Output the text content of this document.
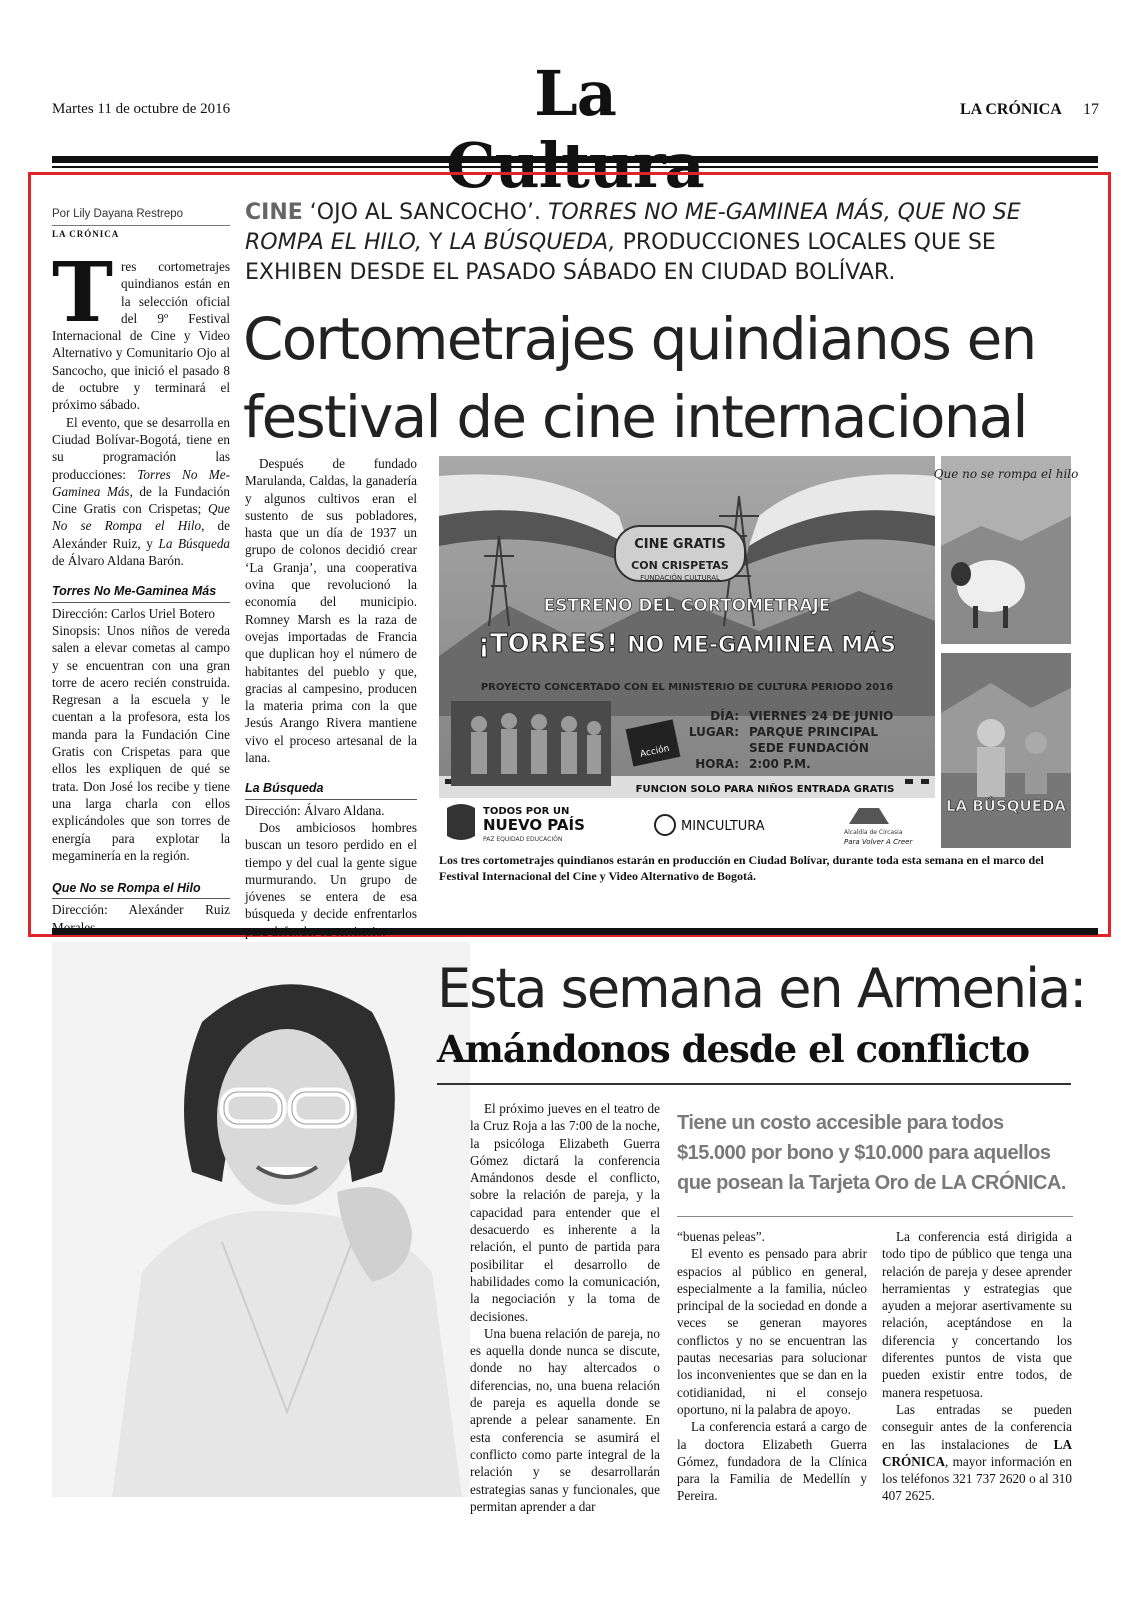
Martes 11 de octubre de 2016	La	LA CRÓNICA 17
Por Lily Dayana Restrepo
LA CRÓNICA
CINE ‘OJO AL SANCOCHO’. TORRES NO ME-GAMINEA MÁS, QUE NO SE ROMPA EL HILO, Y LA BÚSQUEDA, PRODUCCIONES LOCALES QUE SE EXHIBEN DESDE EL PASADO SÁBADO EN CIUDAD BOLÍVAR.
Cortometrajes quindianos en
festival de cine internacional

Tres cortometrajes quindianos están en la selección oficial del 9º Festival Internacional de Cine y Video Alternativo y Comunitario Ojo al Sancocho, que inició el pasado 8 de octubre y terminará el próximo sábado.

El evento, que se desarrolla en Ciudad Bolívar-Bogotá, tiene en su programación las producciones: Torres No Me-Gaminea Más, de la Fundación Cine Gratis con Crispetas; Que No se Rompa el Hilo, de Alexánder Ruiz, y La Búsqueda de Álvaro Aldana Barón.

Torres No Me-Gaminea Más

Dirección: Carlos Uriel Botero

Sinopsis: Unos niños de vereda salen a elevar cometas al campo y se encuentran con una gran torre de acero recién construida. Regresan a la escuela y le cuentan a la profesora, esta los manda para la Fundación Cine Gratis con Crispetas para que ellos les expliquen de qué se trata. Don José los recibe y tiene una larga charla con ellos explicándoles que son torres de energía para explotar la megaminería en la región.

Que No se Rompa el Hilo

Dirección: Alexánder Ruiz

Después de fundado Marulanda, Caldas, la ganadería y algunos cultivos eran el sustento de sus pobladores, hasta que un día de 1937 un grupo de colonos decidió crear ‘La Granja’, una cooperativa ovina que revolucionó la economía del municipio. Romney Marsh es la raza de ovejas importadas de Francia que duplican hoy el número de habitantes del pueblo y que, gracias al campesino, producen la materia prima con la que Jesús Arango Rivera mantiene vivo el proceso artesanal de la lana.

La Búsqueda

Dirección: Álvaro Aldana.

Dos ambiciosos hombres buscan un tesoro perdido en el tiempo y del cual la gente sigue murmurando. Un grupo de jóvenes se entera de esa búsqueda y decide enfrentarlos

CINE GRATIS
CON CRISPETAS
FUNDACIÓN CULTURAL
ESTRENO DEL CORTOMETRAJE
¡TORRES! NO ME-GAMINEA MÁS
PROYECTO CONCERTADO CON EL MINISTERIO DE CULTURA PERIODO 2016
Acción
DÍA: VIERNES 24 DE JUNIO
LUGAR: PARQUE PRINCIPAL
SEDE FUNDACIÓN
HORA: 2:00 P.M.
FUNCION SOLO PARA NIÑOS ENTRADA GRATIS
TODOS POR UN
NUEVO PAÍS
PAZ EQUIDAD EDUCACIÓN
MINCULTURA	Alcaldía de Circasia
Para Volver A Creer
Que no se rompa el hilo
LA BÚSQUEDA
Los tres cortometrajes quindianos estarán en producción en Ciudad Bolívar, durante toda esta semana en el marco del Festival Internacional del Cine y Video Alternativo de Bogotá.
Esta semana en Armenia:
Amándonos desde el conflicto

El próximo jueves en el teatro de la Cruz Roja a las 7:00 de la noche, la psicóloga Elizabeth Guerra Gómez dictará la conferencia Amándonos desde el conflicto, sobre la relación de pareja, y la capacidad para entender que el desacuerdo es inherente a la relación, el punto de partida para posibilitar el desarrollo de habilidades como la comunicación, la negociación y la toma de decisiones.

Una buena relación de pareja, no es aquella donde nunca se discute, donde no hay altercados o diferencias, no, una buena relación de pareja es aquella donde se aprende a pelear sanamente. En esta conferencia se asumirá el conflicto como parte integral de la relación y se desarrollarán estrategias sanas y funcionales, que permitan aprender a dar

Tiene un costo accesible para todos $15.000 por bono y $10.000 para aquellos que posean la Tarjeta Oro de LA CRÓNICA.

“buenas peleas”.

El evento es pensado para abrir espacios al público en general, especialmente a la familia, núcleo principal de la sociedad en donde a veces se generan mayores conflictos y no se encuentran las pautas necesarias para solucionar los inconvenientes que se dan en la cotidianidad, ni el consejo oportuno, ni la palabra de apoyo.

La conferencia estará a cargo de la doctora Elizabeth Guerra Gómez, fundadora de la Clínica para la Familia de Medellín y Pereira.

La conferencia está dirigida a todo tipo de público que tenga una relación de pareja y desee aprender herramientas y estrategias que ayuden a mejorar asertivamente su relación, aceptándose en la diferencia y concertando los diferentes puntos de vista que pueden existir entre todos, de manera respetuosa.

Las entradas se pueden conseguir antes de la conferencia en las instalaciones de LA CRÓNICA, mayor información en los teléfonos 321 737 2620 o al 310 407 2625.
